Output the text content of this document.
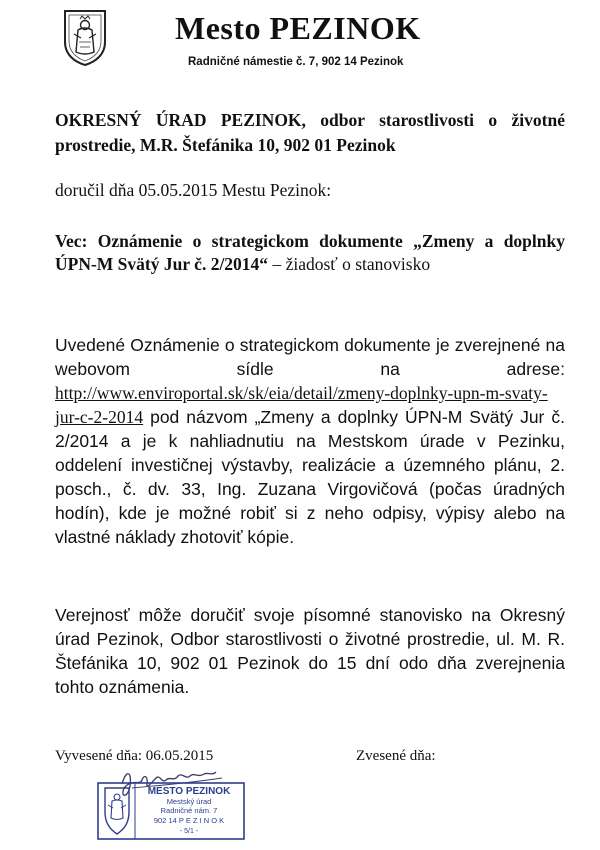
Mesto PEZINOK
Radničné námestie č. 7, 902 14 Pezinok
OKRESNÝ ÚRAD PEZINOK, odbor starostlivosti o životné prostredie, M.R. Štefánika 10, 902 01 Pezinok
doručil dňa 05.05.2015 Mestu Pezinok:
Vec: Oznámenie o strategickom dokumente „Zmeny a doplnky ÚPN-M Svätý Jur č. 2/2014“ – žiadosť o stanovisko
Uvedené Oznámenie o strategickom dokumente je zverejnené na webovom sídle na adrese: http://www.enviroportal.sk/sk/eia/detail/zmeny-doplnky-upn-m-svaty-jur-c-2-2014 pod názvom „Zmeny a doplnky ÚPN-M Svätý Jur č. 2/2014 a je k nahliadnutiu na Mestskom úrade v Pezinku, oddelení investičnej výstavby, realizácie a územného plánu, 2. posch., č. dv. 33, Ing. Zuzana Virgovičová (počas úradných hodín), kde je možné robiť si z neho odpisy, výpisy alebo na vlastné náklady zhotoviť kópie.
Verejnosť môže doručiť svoje písomné stanovisko na Okresný úrad Pezinok, Odbor starostlivosti o životné prostredie, ul. M. R. Štefánika 10, 902 01 Pezinok do 15 dní odo dňa zverejnenia tohto oznámenia.
Vyvesené dňa: 06.05.2015	Zvesené dňa:
MESTO PEZINOK
Mestský úrad
Radničné nám. 7
902 14 P E Z I N O K
- 5/1 -
